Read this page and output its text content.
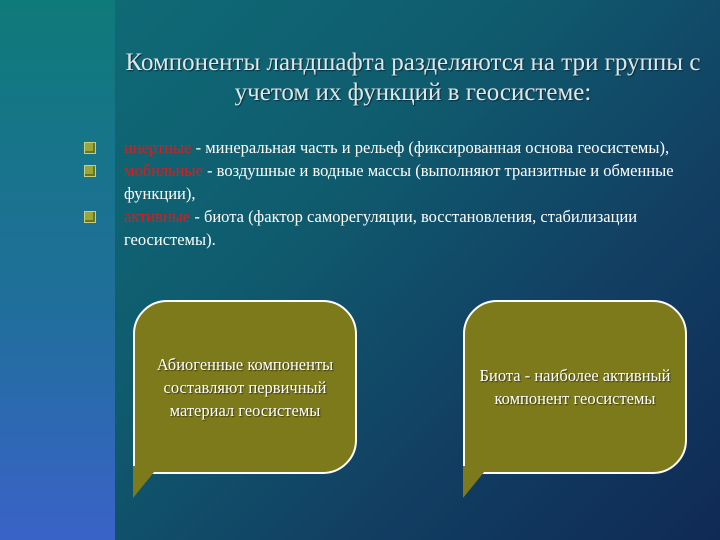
Компоненты ландшафта разделяются на три группы с учетом их функций в геосистеме:
инертные - минеральная часть и рельеф (фиксированная основа геосистемы),
мобильные - воздушные и водные массы (выполняют транзитные и обменные функции),
активные - биота (фактор саморегуляции, восстановления, стабилизации геосистемы).
Абиогенные компоненты составляют первичный материал геосистемы
Биота - наиболее активный компонент геосистемы
